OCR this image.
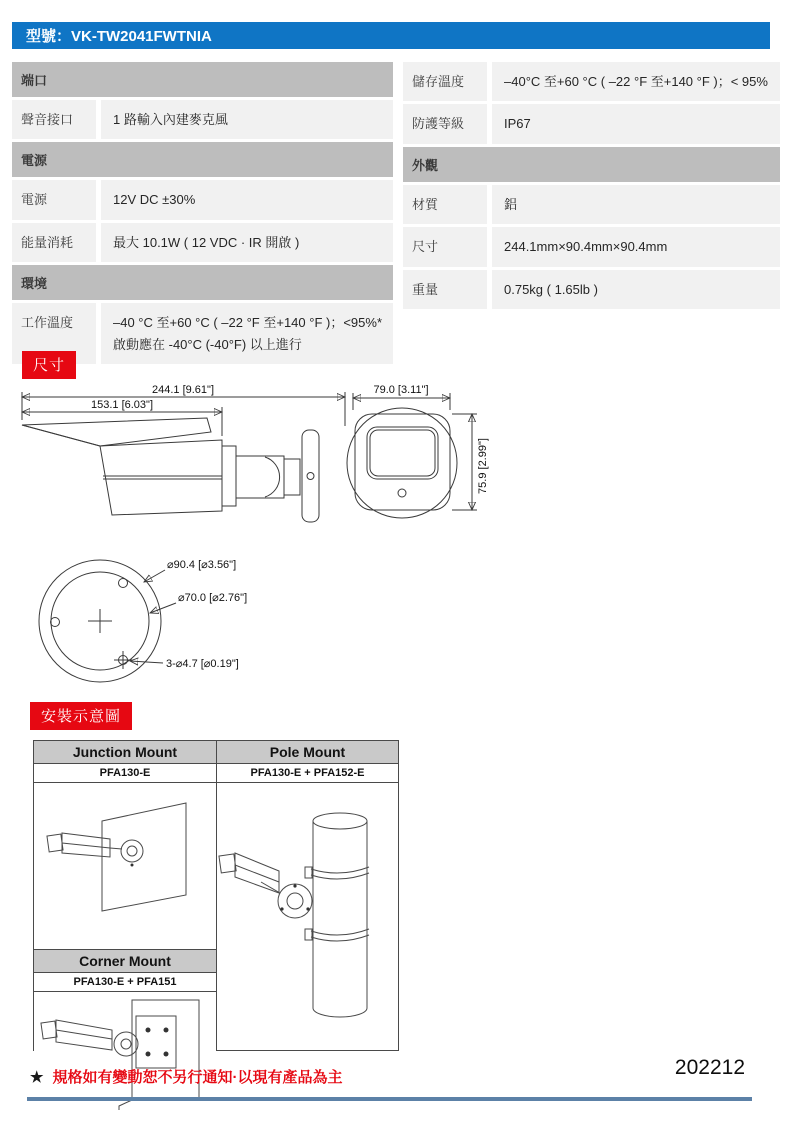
型號：VK-TW2041FWTNIA
端口
聲音接口	1 路輸入內建麥克風
電源
電源	12V DC ±30%
能量消耗	最大 10.1W ( 12 VDC · IR 開啟 )
環境
工作溫度	–40 °C 至+60 °C ( –22 °F 至+140 °F )；<95%* 啟動應在 -40°C (-40°F) 以上進行
儲存溫度	–40°C 至+60 °C ( –22 °F 至+140 °F )；< 95%
防護等級	IP67
外觀
材質	鋁
尺寸	244.1mm×90.4mm×90.4mm
重量	0.75kg ( 1.65lb )
尺寸
244.1 [9.61"]
153.1 [6.03"]
79.0 [3.11"]
75.9 [2.99"]
⌀90.4 [⌀3.56"]
⌀70.0 [⌀2.76"]
3-⌀4.7 [⌀0.19"]
安裝示意圖
Junction Mount
PFA130-E
Corner Mount
PFA130-E + PFA151
Pole Mount
PFA130-E + PFA152-E
★ 規格如有變動恕不另行通知·以現有產品為主	202212
